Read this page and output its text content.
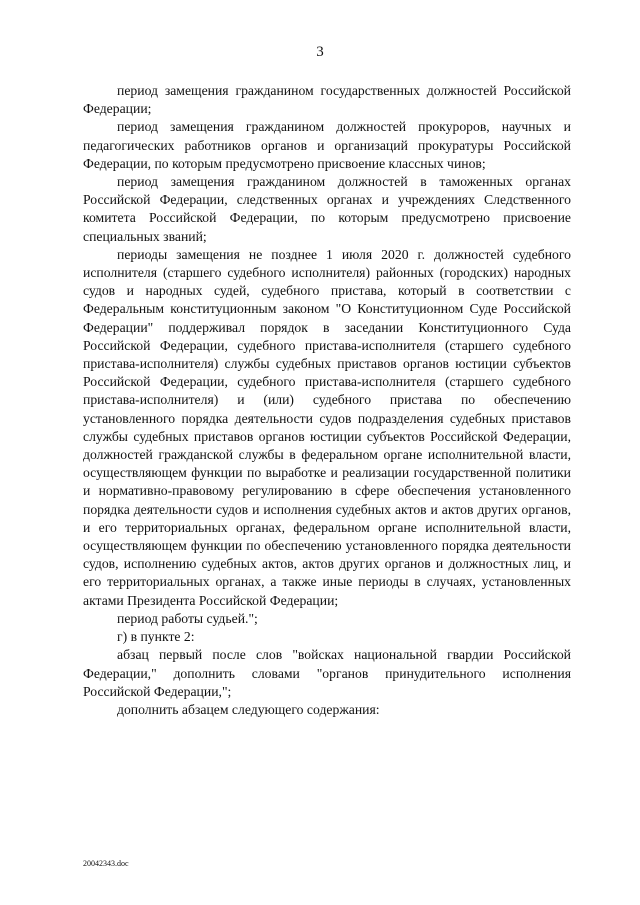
3

период замещения гражданином государственных должностей Российской Федерации;

период замещения гражданином должностей прокуроров, научных и педагогических работников органов и организаций прокуратуры Российской Федерации, по которым предусмотрено присвоение классных чинов;

период замещения гражданином должностей в таможенных органах Российской Федерации, следственных органах и учреждениях Следственного комитета Российской Федерации, по которым предусмотрено присвоение специальных званий;

периоды замещения не позднее 1 июля 2020 г. должностей судебного исполнителя (старшего судебного исполнителя) районных (городских) народных судов и народных судей, судебного пристава, который в соответствии с Федеральным конституционным законом "О Конституционном Суде Российской Федерации" поддерживал порядок в заседании Конституционного Суда Российской Федерации, судебного пристава-исполнителя (старшего судебного пристава-исполнителя) службы судебных приставов органов юстиции субъектов Российской Федерации, судебного пристава-исполнителя (старшего судебного пристава-исполнителя) и (или) судебного пристава по обеспечению установленного порядка деятельности судов подразделения судебных приставов службы судебных приставов органов юстиции субъектов Российской Федерации, должностей гражданской службы в федеральном органе исполнительной власти, осуществляющем функции по выработке и реализации государственной политики и нормативно-правовому регулированию в сфере обеспечения установленного порядка деятельности судов и исполнения судебных актов и актов других органов, и его территориальных органах, федеральном органе исполнительной власти, осуществляющем функции по обеспечению установленного порядка деятельности судов, исполнению судебных актов, актов других органов и должностных лиц, и его территориальных органах, а также иные периоды в случаях, установленных актами Президента Российской Федерации;

период работы судьей.";

г) в пункте 2:

абзац первый после слов "войсках национальной гвардии Российской Федерации," дополнить словами "органов принудительного исполнения Российской Федерации,";

дополнить абзацем следующего содержания:

20042343.doc
